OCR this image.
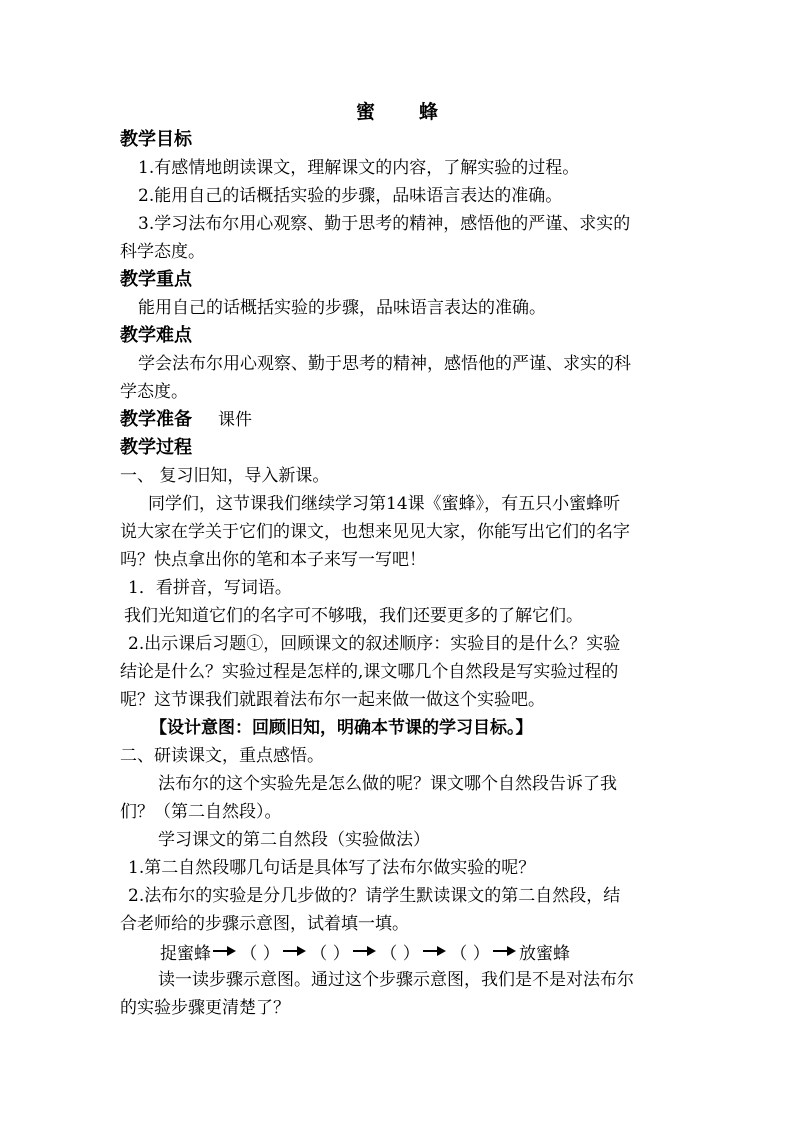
蜜 蜂
教学目标
1.有感情地朗读课文，理解课文的内容，了解实验的过程。
2.能用自己的话概括实验的步骤，品味语言表达的准确。
3.学习法布尔用心观察、勤于思考的精神，感悟他的严谨、求实的
科学态度。
教学重点
能用自己的话概括实验的步骤，品味语言表达的准确。
教学难点
学会法布尔用心观察、勤于思考的精神，感悟他的严谨、求实的科
学态度。
教学准备 课件
教学过程
一、 复习旧知，导入新课。
同学们，这节课我们继续学习第14课《蜜蜂》，有五只小蜜蜂听
说大家在学关于它们的课文，也想来见见大家，你能写出它们的名字
吗？快点拿出你的笔和本子来写一写吧！
1．看拼音，写词语。
我们光知道它们的名字可不够哦，我们还要更多的了解它们。
2.出示课后习题①，回顾课文的叙述顺序：实验目的是什么？实验
结论是什么？实验过程是怎样的,课文哪几个自然段是写实验过程的
呢？这节课我们就跟着法布尔一起来做一做这个实验吧。
【设计意图：回顾旧知，明确本节课的学习目标。】
二、研读课文，重点感悟。
法布尔的这个实验先是怎么做的呢？课文哪个自然段告诉了我
们？（第二自然段）。
学习课文的第二自然段（实验做法）
1.第二自然段哪几句话是具体写了法布尔做实验的呢？
2.法布尔的实验是分几步做的？请学生默读课文的第二自然段，结
合老师给的步骤示意图，试着填一填。
捉蜜蜂 （ ） （ ） （ ） （ ） 放蜜蜂
读一读步骤示意图。通过这个步骤示意图，我们是不是对法布尔
的实验步骤更清楚了？
